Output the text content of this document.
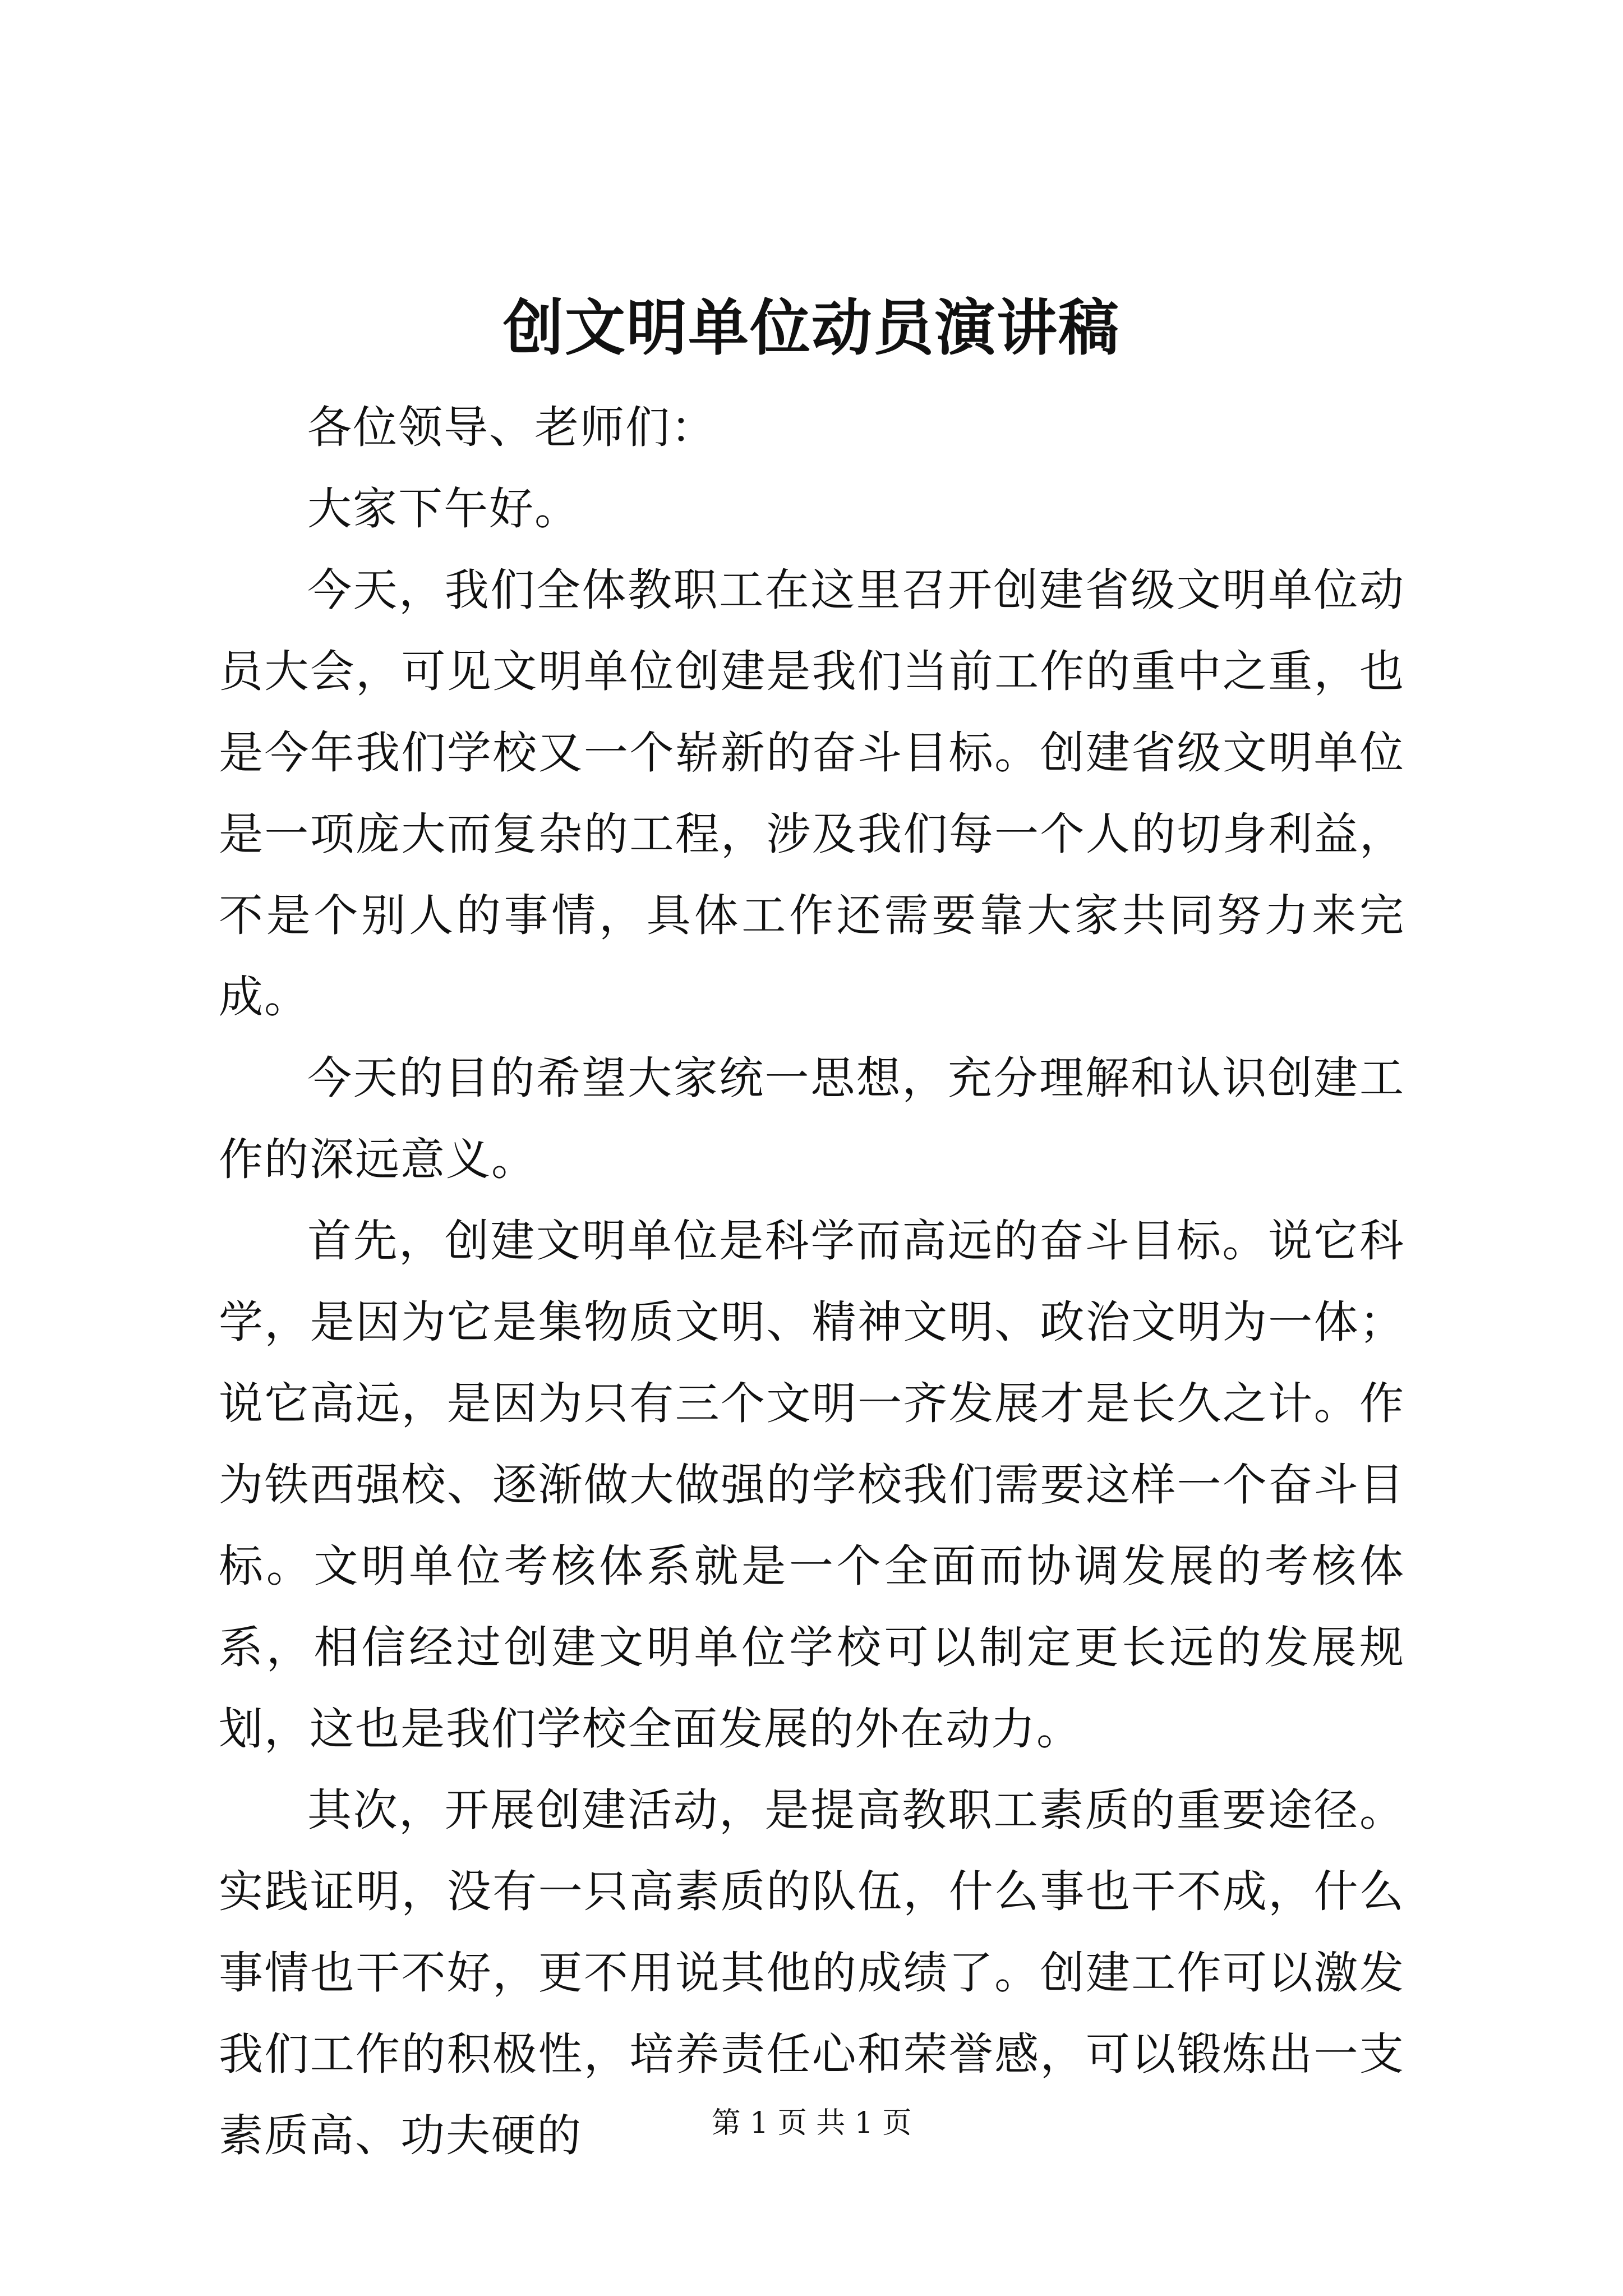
创文明单位动员演讲稿

各位领导、老师们：

大家下午好。

今天，我们全体教职工在这里召开创建省级文明单位动员大会，可见文明单位创建是我们当前工作的重中之重，也是今年我们学校又一个崭新的奋斗目标。创建省级文明单位是一项庞大而复杂的工程，涉及我们每一个人的切身利益，不是个别人的事情，具体工作还需要靠大家共同努力来完成。

今天的目的希望大家统一思想，充分理解和认识创建工作的深远意义。

首先，创建文明单位是科学而高远的奋斗目标。说它科学，是因为它是集物质文明、精神文明、政治文明为一体；说它高远，是因为只有三个文明一齐发展才是长久之计。作为铁西强校、逐渐做大做强的学校我们需要这样一个奋斗目标。文明单位考核体系就是一个全面而协调发展的考核体系，相信经过创建文明单位学校可以制定更长远的发展规划，这也是我们学校全面发展的外在动力。

其次，开展创建活动，是提高教职工素质的重要途径。实践证明，没有一只高素质的队伍，什么事也干不成，什么事情也干不好，更不用说其他的成绩了。创建工作可以激发我们工作的积极性，培养责任心和荣誉感，可以锻炼出一支素质高、功夫硬的	第 1 页 共 1 页
